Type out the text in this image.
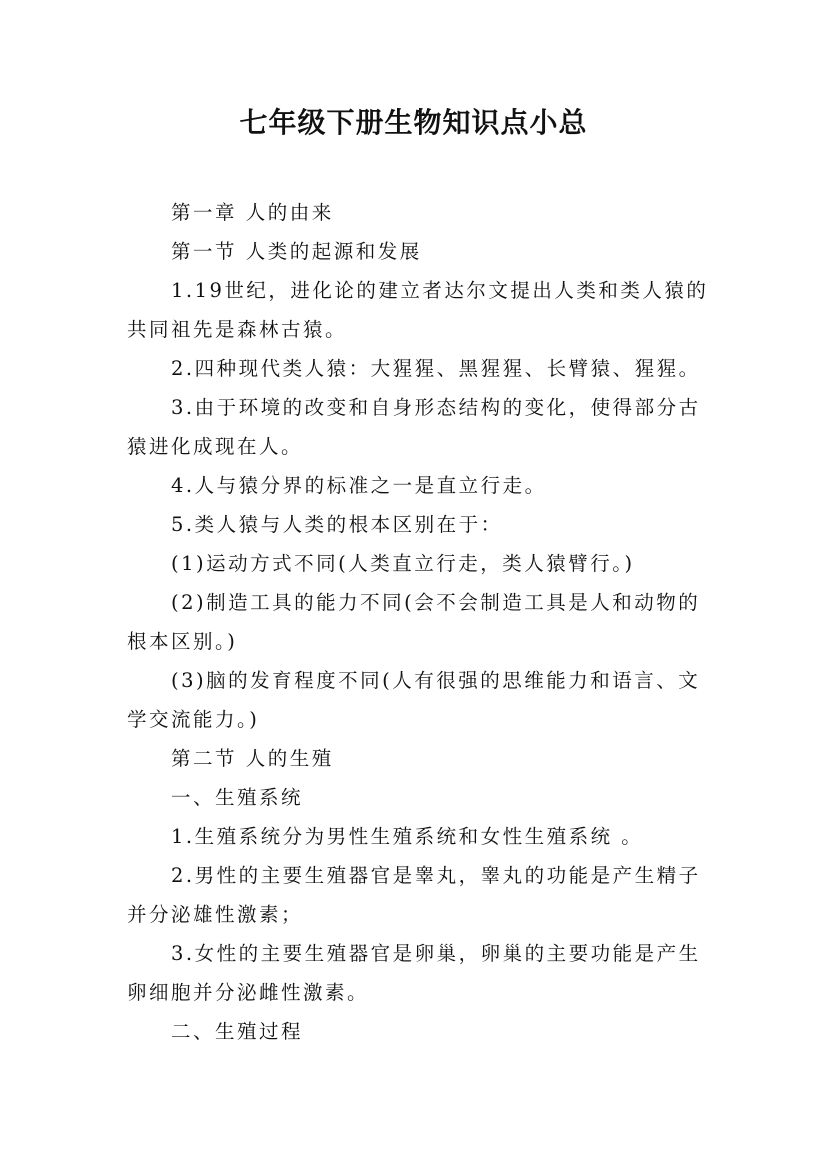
七年级下册生物知识点小总

第一章 人的由来

第一节 人类的起源和发展

1.19世纪，进化论的建立者达尔文提出人类和类人猿的
共同祖先是森林古猿。

2.四种现代类人猿：大猩猩、黑猩猩、长臂猿、猩猩。

3.由于环境的改变和自身形态结构的变化，使得部分古
猿进化成现在人。

4.人与猿分界的标准之一是直立行走。

5.类人猿与人类的根本区别在于：

(1)运动方式不同(人类直立行走，类人猿臂行。)

(2)制造工具的能力不同(会不会制造工具是人和动物的
根本区别。)

(3)脑的发育程度不同(人有很强的思维能力和语言、文
学交流能力。)

第二节 人的生殖

一、生殖系统

1.生殖系统分为男性生殖系统和女性生殖系统 。

2.男性的主要生殖器官是睾丸，睾丸的功能是产生精子
并分泌雄性激素；

3.女性的主要生殖器官是卵巢，卵巢的主要功能是产生
卵细胞并分泌雌性激素。

二、生殖过程
